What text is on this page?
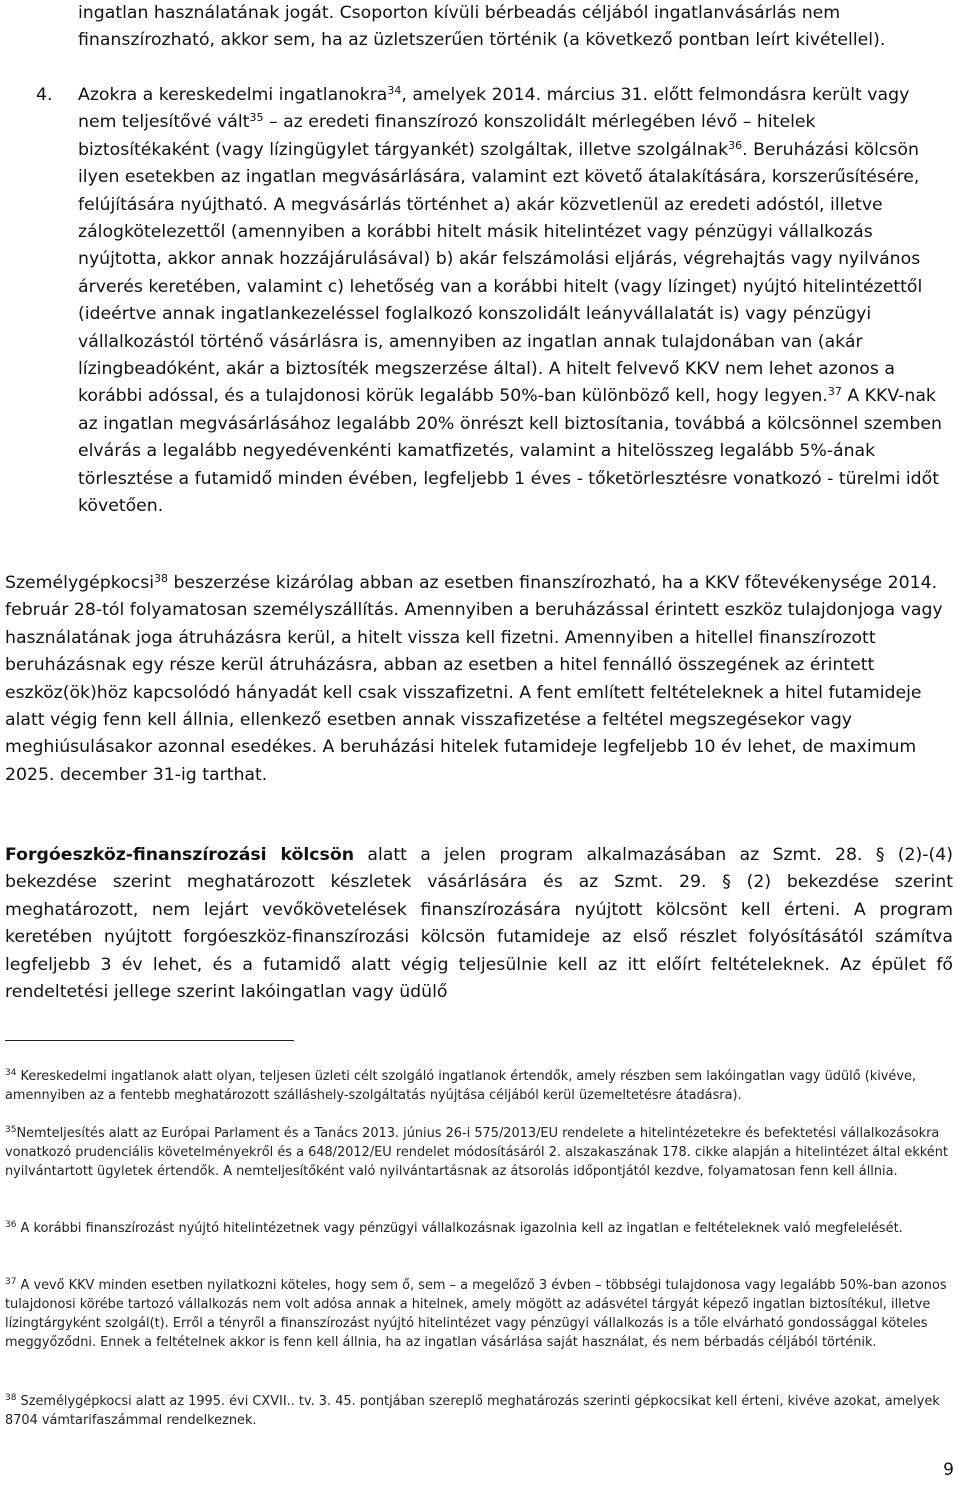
ingatlan használatának jogát. Csoporton kívüli bérbeadás céljából ingatlanvásárlás nem finanszírozható, akkor sem, ha az üzletszerűen történik (a következő pontban leírt kivétellel).
4. Azokra a kereskedelmi ingatlanokra$^{34}$, amelyek 2014. március 31. előtt felmondásra került vagy nem teljesítővé vált$^{35}$ – az eredeti finanszírozó konszolidált mérlegében lévő – hitelek biztosítékaként (vagy lízingügylet tárgyankét) szolgáltak, illetve szolgálnak$^{36}$. Beruházási kölcsön ilyen esetekben az ingatlan megvásárlására, valamint ezt követő átalakítására, korszerűsítésére, felújítására nyújtható. A megvásárlás történhet a) akár közvetlenül az eredeti adóstól, illetve zálogkötelezettől (amennyiben a korábbi hitelt másik hitelintézet vagy pénzügyi vállalkozás nyújtotta, akkor annak hozzájárulásával) b) akár felszámolási eljárás, végrehajtás vagy nyilvános árverés keretében, valamint c) lehetőség van a korábbi hitelt (vagy lízinget) nyújtó hitelintézettől (ideértve annak ingatlankezeléssel foglalkozó konszolidált leányvállalatát is) vagy pénzügyi vállalkozástól történő vásárlásra is, amennyiben az ingatlan annak tulajdonában van (akár lízingbeadóként, akár a biztosíték megszerzése által). A hitelt felvevő KKV nem lehet azonos a korábbi adóssal, és a tulajdonosi körük legalább 50%-ban különböző kell, hogy legyen.$^{37}$ A KKV-nak az ingatlan megvásárlásához legalább 20% önrészt kell biztosítania, továbbá a kölcsönnel szemben elvárás a legalább negyedévenkénti kamatfizetés, valamint a hitelösszeg legalább 5%-ának törlesztése a futamidő minden évében, legfeljebb 1 éves - tőketörlesztésre vonatkozó - türelmi időt követően.
Személygépkocsi$^{38}$ beszerzése kizárólag abban az esetben finanszírozható, ha a KKV főtevékenysége 2014. február 28-tól folyamatosan személyszállítás. Amennyiben a beruházással érintett eszköz tulajdonjoga vagy használatának joga átruházásra kerül, a hitelt vissza kell fizetni. Amennyiben a hitellel finanszírozott beruházásnak egy része kerül átruházásra, abban az esetben a hitel fennálló összegének az érintett eszköz(ök)höz kapcsolódó hányadát kell csak visszafizetni. A fent említett feltételeknek a hitel futamideje alatt végig fenn kell állnia, ellenkező esetben annak visszafizetése a feltétel megszegésekor vagy meghiúsulásakor azonnal esedékes. A beruházási hitelek futamideje legfeljebb 10 év lehet, de maximum 2025. december 31-ig tarthat.
Forgóeszköz-finanszírozási kölcsön alatt a jelen program alkalmazásában az Szmt. 28. § (2)-(4) bekezdése szerint meghatározott készletek vásárlására és az Szmt. 29. § (2) bekezdése szerint meghatározott, nem lejárt vevőkövetelések finanszírozására nyújtott kölcsönt kell érteni. A program keretében nyújtott forgóeszköz-finanszírozási kölcsön futamideje az első részlet folyósításától számítva legfeljebb 3 év lehet, és a futamidő alatt végig teljesülnie kell az itt előírt feltételeknek. Az épület fő rendeltetési jellege szerint lakóingatlan vagy üdülő
$^{34}$ Kereskedelmi ingatlanok alatt olyan, teljesen üzleti célt szolgáló ingatlanok értendők, amely részben sem lakóingatlan vagy üdülő (kivéve, amennyiben az a fentebb meghatározott szálláshely-szolgáltatás nyújtása céljából kerül üzemeltetésre átadásra).
$^{35}$Nemteljesítés alatt az Európai Parlament és a Tanács 2013. június 26-i 575/2013/EU rendelete a hitelintézetekre és befektetési vállalkozásokra vonatkozó prudenciális követelményekről és a 648/2012/EU rendelet módosításáról 2. alszakaszának 178. cikke alapján a hitelintézet által ekként nyilvántartott ügyletek értendők. A nemteljesítőként való nyilvántartásnak az átsorolás időpontjától kezdve, folyamatosan fenn kell állnia.
$^{36}$ A korábbi finanszírozást nyújtó hitelintézetnek vagy pénzügyi vállalkozásnak igazolnia kell az ingatlan e feltételeknek való megfelelését.
$^{37}$ A vevő KKV minden esetben nyilatkozni köteles, hogy sem ő, sem – a megelőző 3 évben – többségi tulajdonosa vagy legalább 50%-ban azonos tulajdonosi körébe tartozó vállalkozás nem volt adósa annak a hitelnek, amely mögött az adásvétel tárgyát képező ingatlan biztosítékul, illetve lízingtárgyként szolgál(t). Erről a tényről a finanszírozást nyújtó hitelintézet vagy pénzügyi vállalkozás is a tőle elvárható gondossággal köteles meggyőződni. Ennek a feltételnek akkor is fenn kell állnia, ha az ingatlan vásárlása saját használat, és nem bérbadás céljából történik.
$^{38}$ Személygépkocsi alatt az 1995. évi CXVII.. tv. 3. 45. pontjában szereplő meghatározás szerinti gépkocsikat kell érteni, kivéve azokat, amelyek 8704 vámtarifaszámmal rendelkeznek.
9
